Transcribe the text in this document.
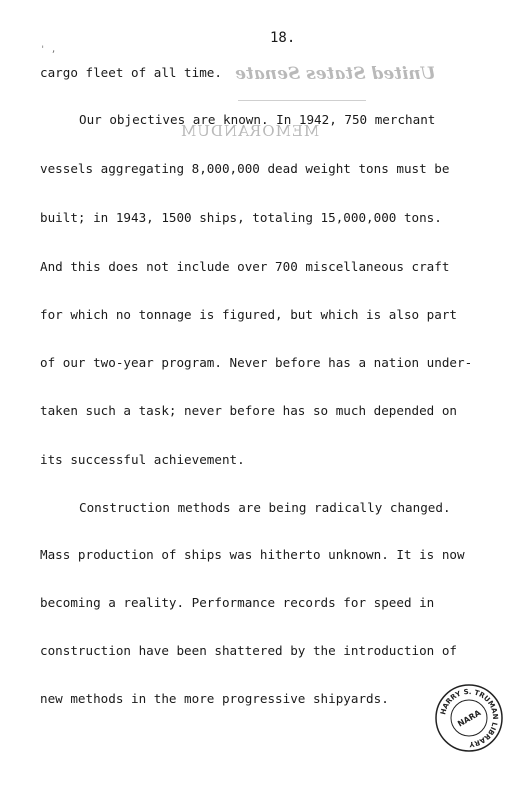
18.
' ,
United States Senate
MEMORANDUM
cargo fleet of all time.
Our objectives are known. In 1942, 750 merchant
vessels aggregating 8,000,000 dead weight tons must be
built; in 1943, 1500 ships, totaling 15,000,000 tons.
And this does not include over 700 miscellaneous craft
for which no tonnage is figured, but which is also part
of our two-year program. Never before has a nation under-
taken such a task; never before has so much depended on
its successful achievement.
Construction methods are being radically changed.
Mass production of ships was hitherto unknown. It is now
becoming a reality. Performance records for speed in
construction have been shattered by the introduction of
new methods in the more progressive shipyards.
HARRY S. TRUMAN LIBRARY
NARA
